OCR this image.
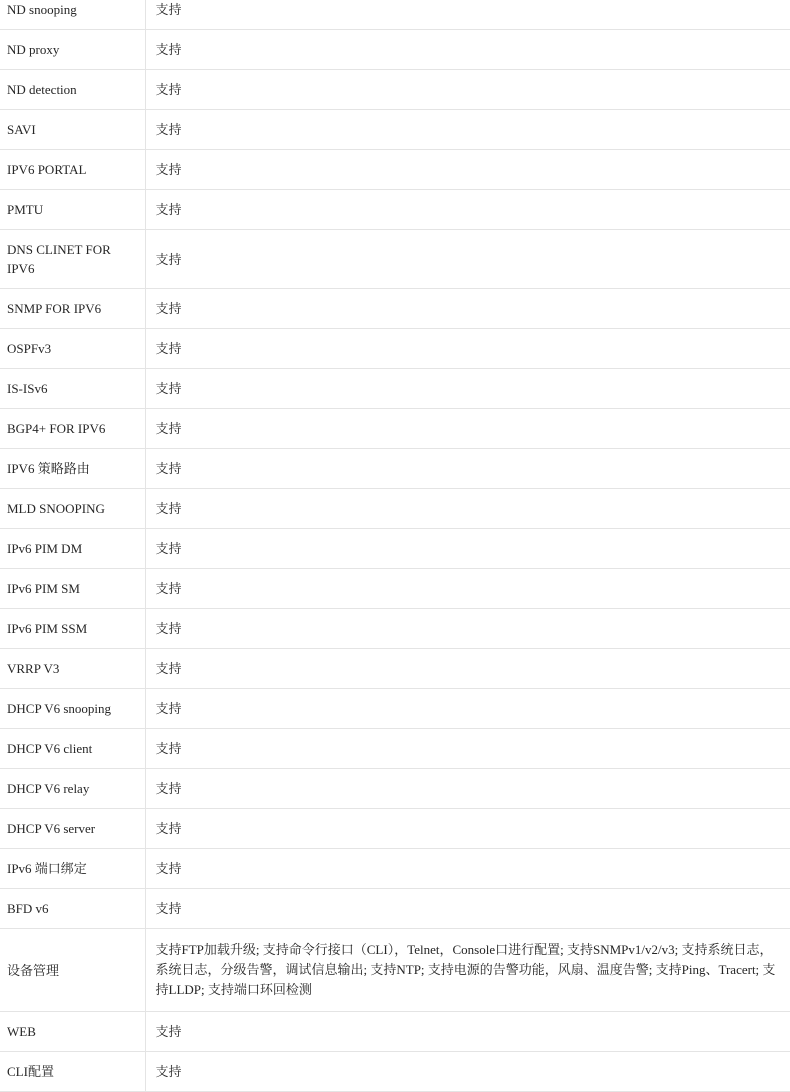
ND snooping	支持
ND proxy	支持
ND detection	支持
SAVI	支持
IPV6 PORTAL	支持
PMTU	支持
DNS CLINET FOR IPV6	支持
SNMP FOR IPV6	支持
OSPFv3	支持
IS-ISv6	支持
BGP4+ FOR IPV6	支持
IPV6 策略路由	支持
MLD SNOOPING	支持
IPv6 PIM DM	支持
IPv6 PIM SM	支持
IPv6 PIM SSM	支持
VRRP V3	支持
DHCP V6 snooping	支持
DHCP V6 client	支持
DHCP V6 relay	支持
DHCP V6 server	支持
IPv6 端口绑定	支持
BFD v6	支持
设备管理	支持FTP加载升级; 支持命令行接口（CLI），Telnet，Console口进行配置; 支持SNMPv1/v2/v3; 支持系统日志，系统日志，分级告警，调试信息输出; 支持NTP; 支持电源的告警功能，风扇、温度告警; 支持Ping、Tracert; 支持LLDP; 支持端口环回检测
WEB	支持
CLI配置	支持
